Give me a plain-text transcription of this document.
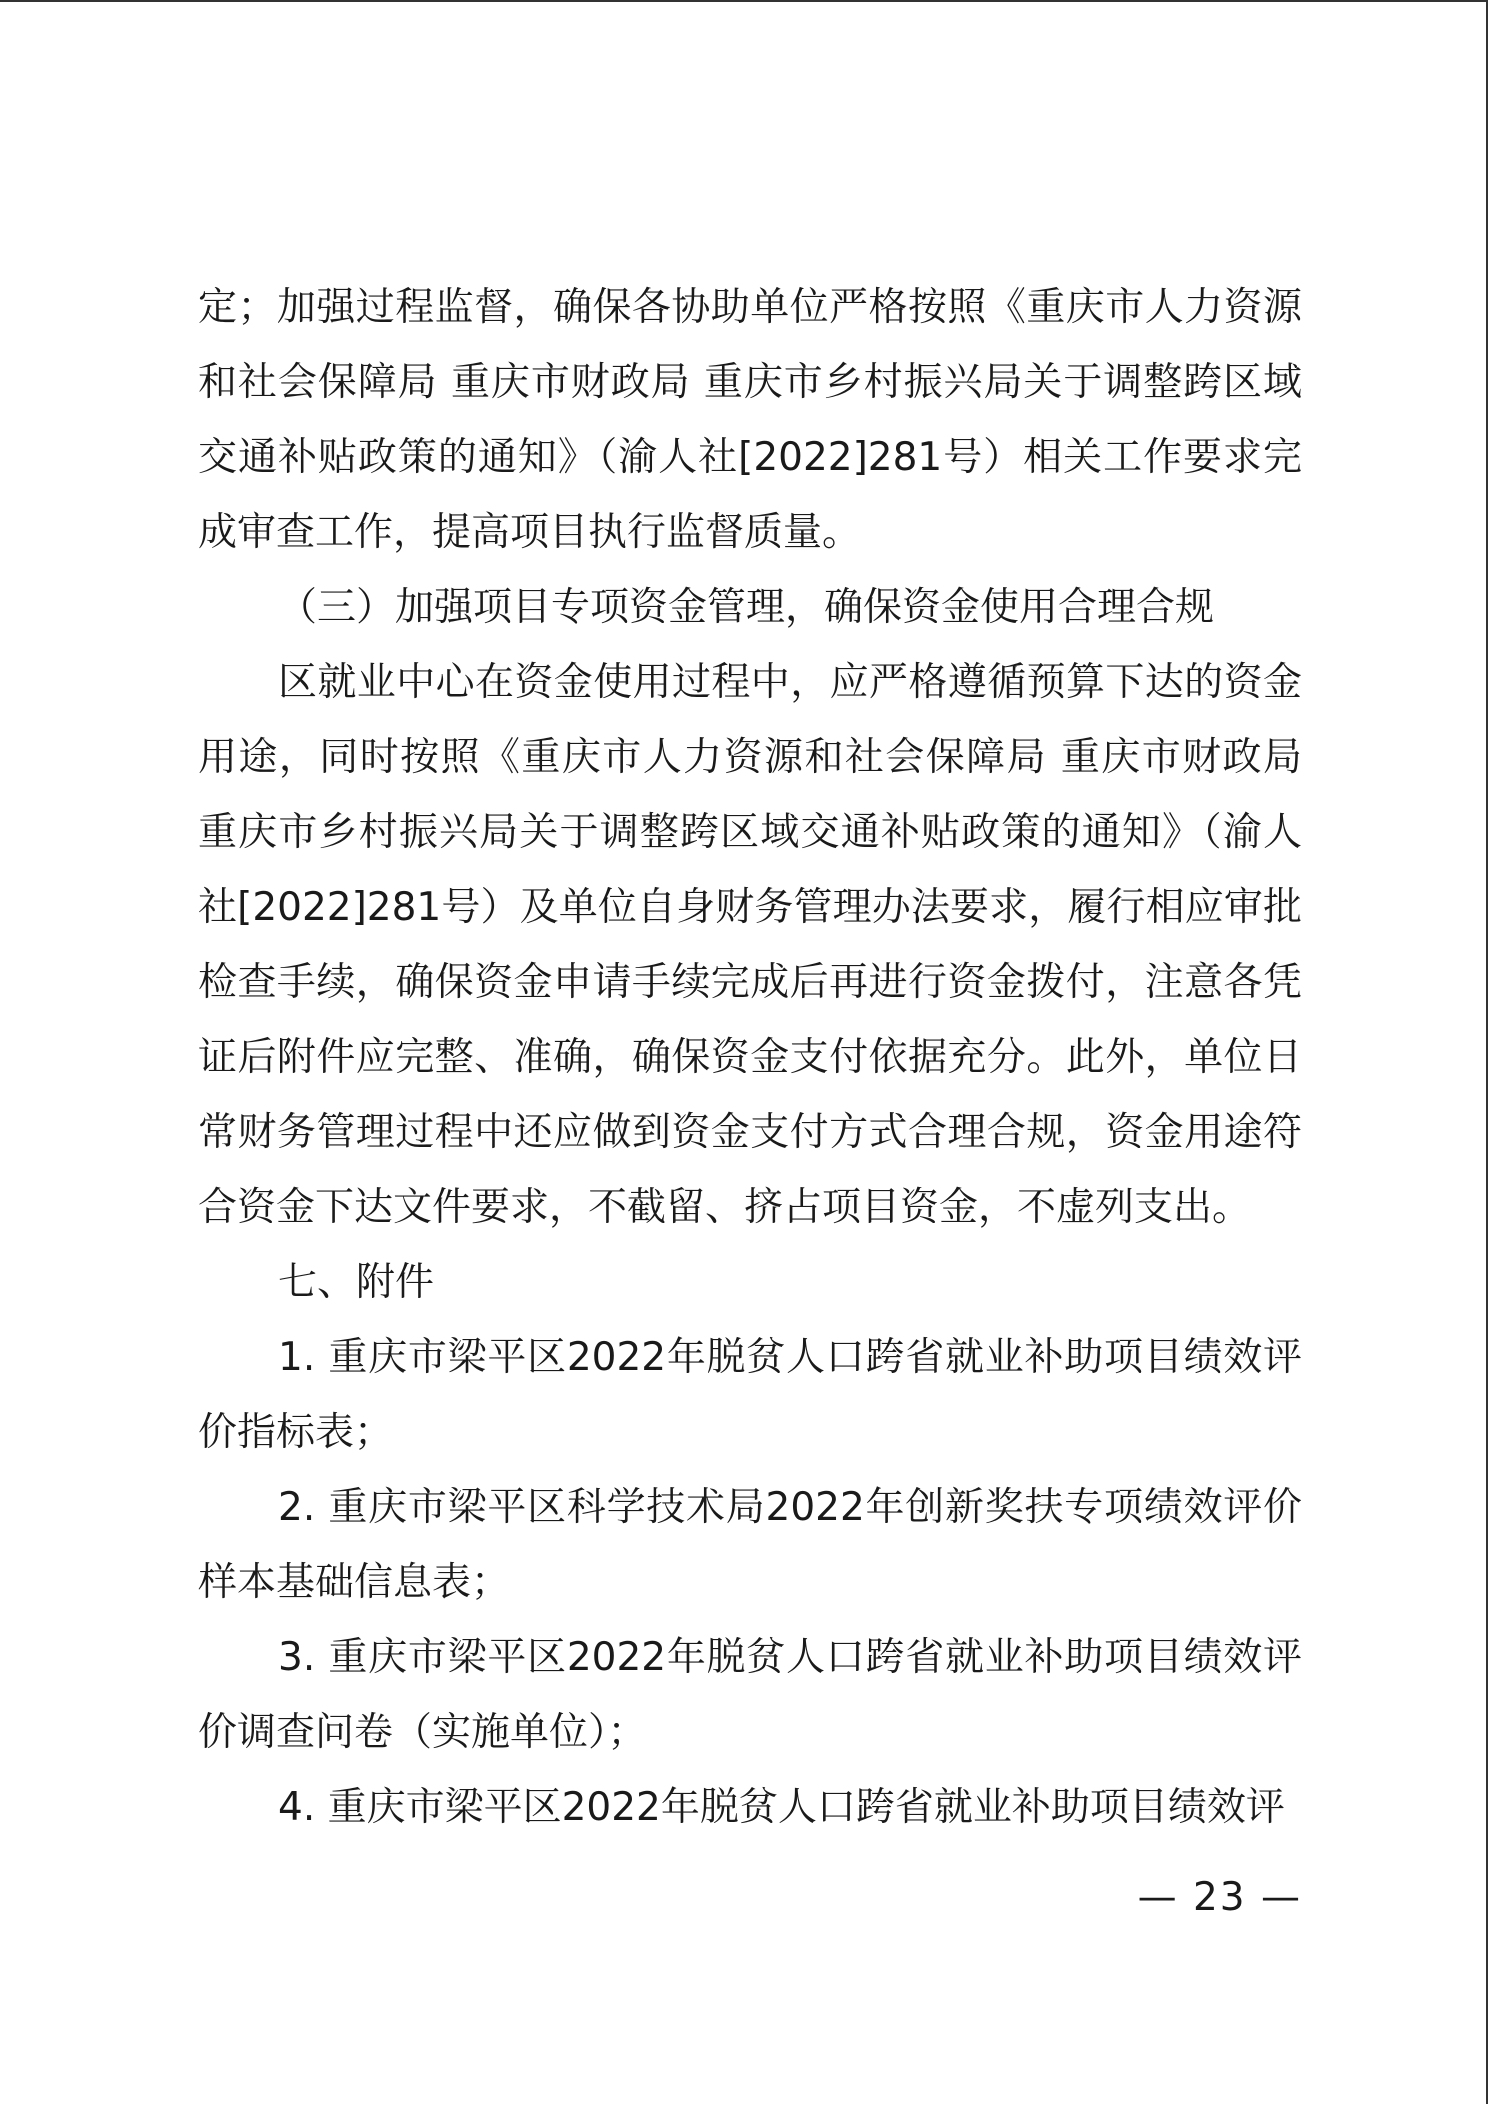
定；加强过程监督，确保各协助单位严格按照《重庆市人力资源和社会保障局 重庆市财政局 重庆市乡村振兴局关于调整跨区域交通补贴政策的通知》（渝人社[2022]281号）相关工作要求完成审查工作，提高项目执行监督质量。

（三）加强项目专项资金管理，确保资金使用合理合规

区就业中心在资金使用过程中，应严格遵循预算下达的资金用途，同时按照《重庆市人力资源和社会保障局 重庆市财政局 重庆市乡村振兴局关于调整跨区域交通补贴政策的通知》（渝人社[2022]281号）及单位自身财务管理办法要求，履行相应审批检查手续，确保资金申请手续完成后再进行资金拨付，注意各凭证后附件应完整、准确，确保资金支付依据充分。此外，单位日常财务管理过程中还应做到资金支付方式合理合规，资金用途符合资金下达文件要求，不截留、挤占项目资金，不虚列支出。

七、附件

1. 重庆市梁平区2022年脱贫人口跨省就业补助项目绩效评价指标表；

2. 重庆市梁平区科学技术局2022年创新奖扶专项绩效评价样本基础信息表；

3. 重庆市梁平区2022年脱贫人口跨省就业补助项目绩效评价调查问卷（实施单位）；

4. 重庆市梁平区2022年脱贫人口跨省就业补助项目绩效评

— 23 —
